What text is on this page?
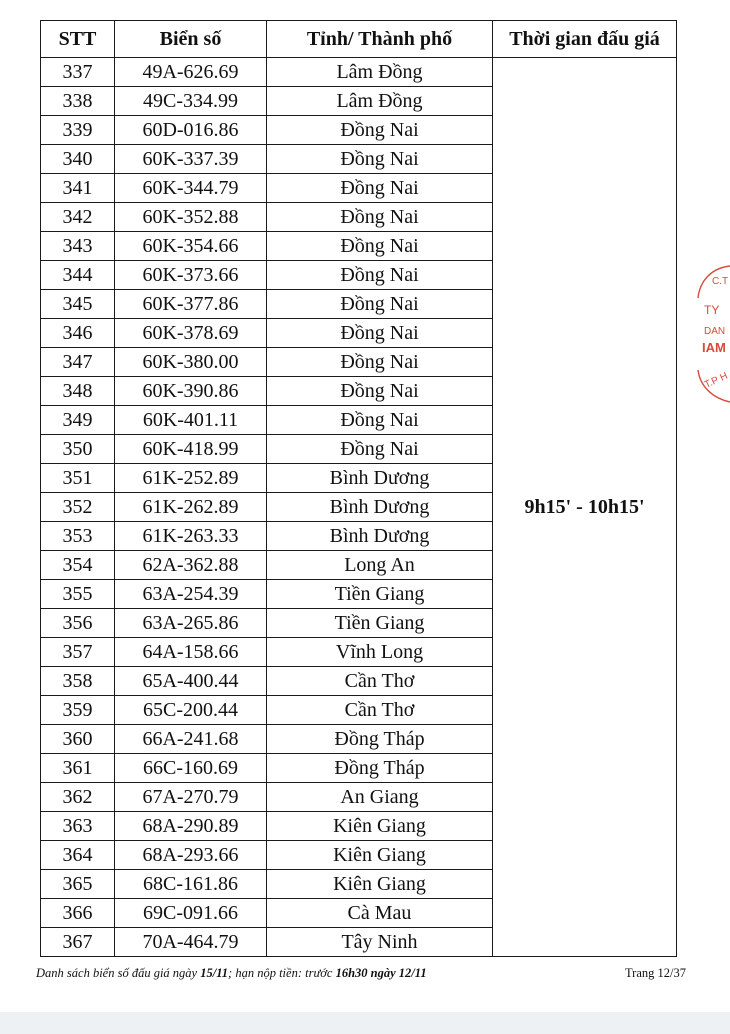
STT	Biển số	Tỉnh/ Thành phố	Thời gian đấu giá
337	49A-626.69	Lâm Đồng	9h15' - 10h15'
338	49C-334.99	Lâm Đồng	
339	60D-016.86	Đồng Nai	
340	60K-337.39	Đồng Nai	
341	60K-344.79	Đồng Nai	
342	60K-352.88	Đồng Nai	
343	60K-354.66	Đồng Nai	
344	60K-373.66	Đồng Nai	
345	60K-377.86	Đồng Nai	
346	60K-378.69	Đồng Nai	
347	60K-380.00	Đồng Nai	
348	60K-390.86	Đồng Nai	
349	60K-401.11	Đồng Nai	
350	60K-418.99	Đồng Nai	
351	61K-252.89	Bình Dương	
352	61K-262.89	Bình Dương	
353	61K-263.33	Bình Dương	
354	62A-362.88	Long An	
355	63A-254.39	Tiền Giang	
356	63A-265.86	Tiền Giang	
357	64A-158.66	Vĩnh Long	
358	65A-400.44	Cần Thơ	
359	65C-200.44	Cần Thơ	
360	66A-241.68	Đồng Tháp	
361	66C-160.69	Đồng Tháp	
362	67A-270.79	An Giang	
363	68A-290.89	Kiên Giang	
364	68A-293.66	Kiên Giang	
365	68C-161.86	Kiên Giang	
366	69C-091.66	Cà Mau	
367	70A-464.79	Tây Ninh	
C.T
TY
DAN
IAM
T.P H
Danh sách biển số đấu giá ngày 15/11; hạn nộp tiền: trước 16h30 ngày 12/11	Trang 12/37
